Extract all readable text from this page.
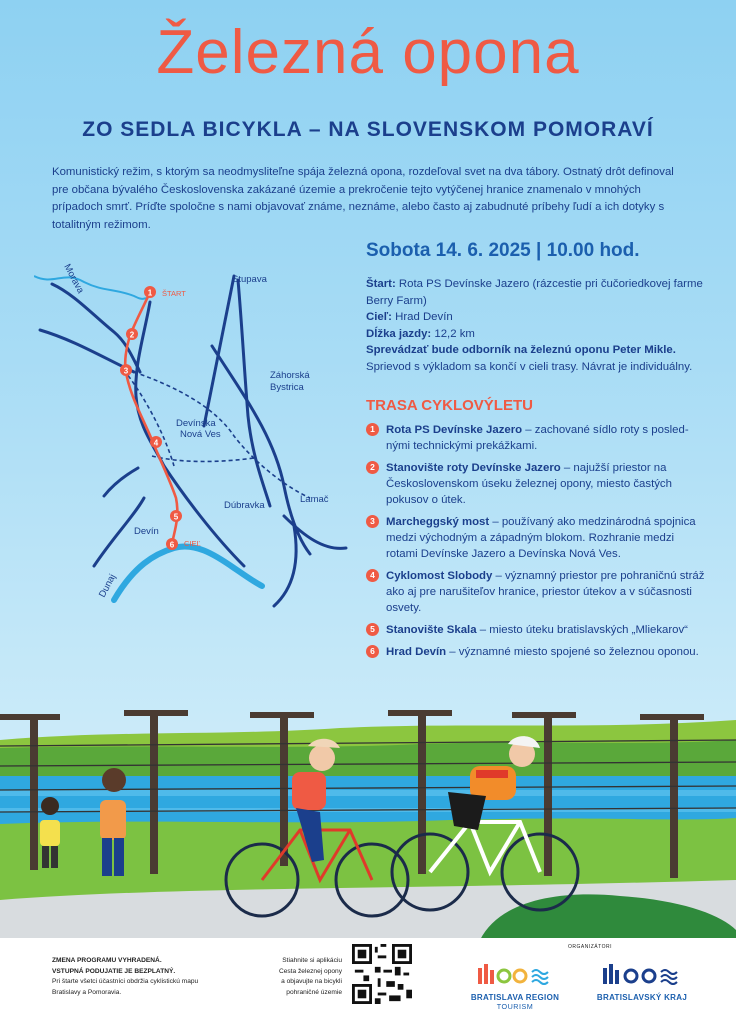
Železná opona
ZO SEDLA BICYKLA – NA SLOVENSKOM POMORAVÍ
Komunistický režim, s ktorým sa neodmysliteľne spája železná opona, rozdeľoval svet na dva tábory. Ostnatý drôt definoval pre občana bývalého Československa zakázané územie a prekročenie tejto vytýčenej hranice znamenalo v mnohých prípadoch smrť. Príďte spoločne s nami objavovať známe, neznáme, alebo často aj zabudnuté príbehy ľudí a ich dotyky s totalitným režimom.
1
2
3
4
5
6
Morava	Stupava
ŠTART
Záhorská
Bystrica
Devínska
Nová Ves
Dúbravka
Lamač
Devín
CIEĽ
Dunaj
Sobota 14. 6. 2025 | 10.00 hod.
Štart: Rota PS Devínske Jazero (rázcestie pri čučoriedkovej farme Berry Farm)
Cieľ: Hrad Devín
Dĺžka jazdy: 12,2 km
Sprevádzať bude odborník na železnú oponu Peter Mikle.
Sprievod s výkladom sa končí v cieli trasy. Návrat je individuálny.
TRASA CYKLOVÝLETU
1 Rota PS Devínske Jazero – zachované sídlo roty s poslednými technickými prekážkami.
2 Stanovište roty Devínske Jazero – najužší priestor na Československom úseku železnej opony, miesto častých pokusov o útek.
3 Marcheggský most – používaný ako medzinárodná spojnica medzi východným a západným blokom. Rozhranie medzi rotami Devínske Jazero a Devínska Nová Ves.
4 Cyklomost Slobody – významný priestor pre pohraničnú stráž ako aj pre narušiteľov hranice, priestor útekov a v súčasnosti osvety.
5 Stanovište Skala – miesto úteku bratislavských „Mliekarov“
6 Hrad Devín – významné miesto spojené so železnou oponou.
ZMENA PROGRAMU VYHRADENÁ.
VSTUPNÁ PODUJATIE JE BEZPLATNÝ.
Pri štarte všetci účastníci obdržia cyklistickú mapu
Bratislavy a Pomoravia.
Stiahnite si aplikáciu
Cesta železnej opony
a objavujte na bicykli
pohraničné územie
ORGANIZÁTORI
BRATISLAVA REGION
TOURISM
BRATISLAVSKÝ KRAJ
